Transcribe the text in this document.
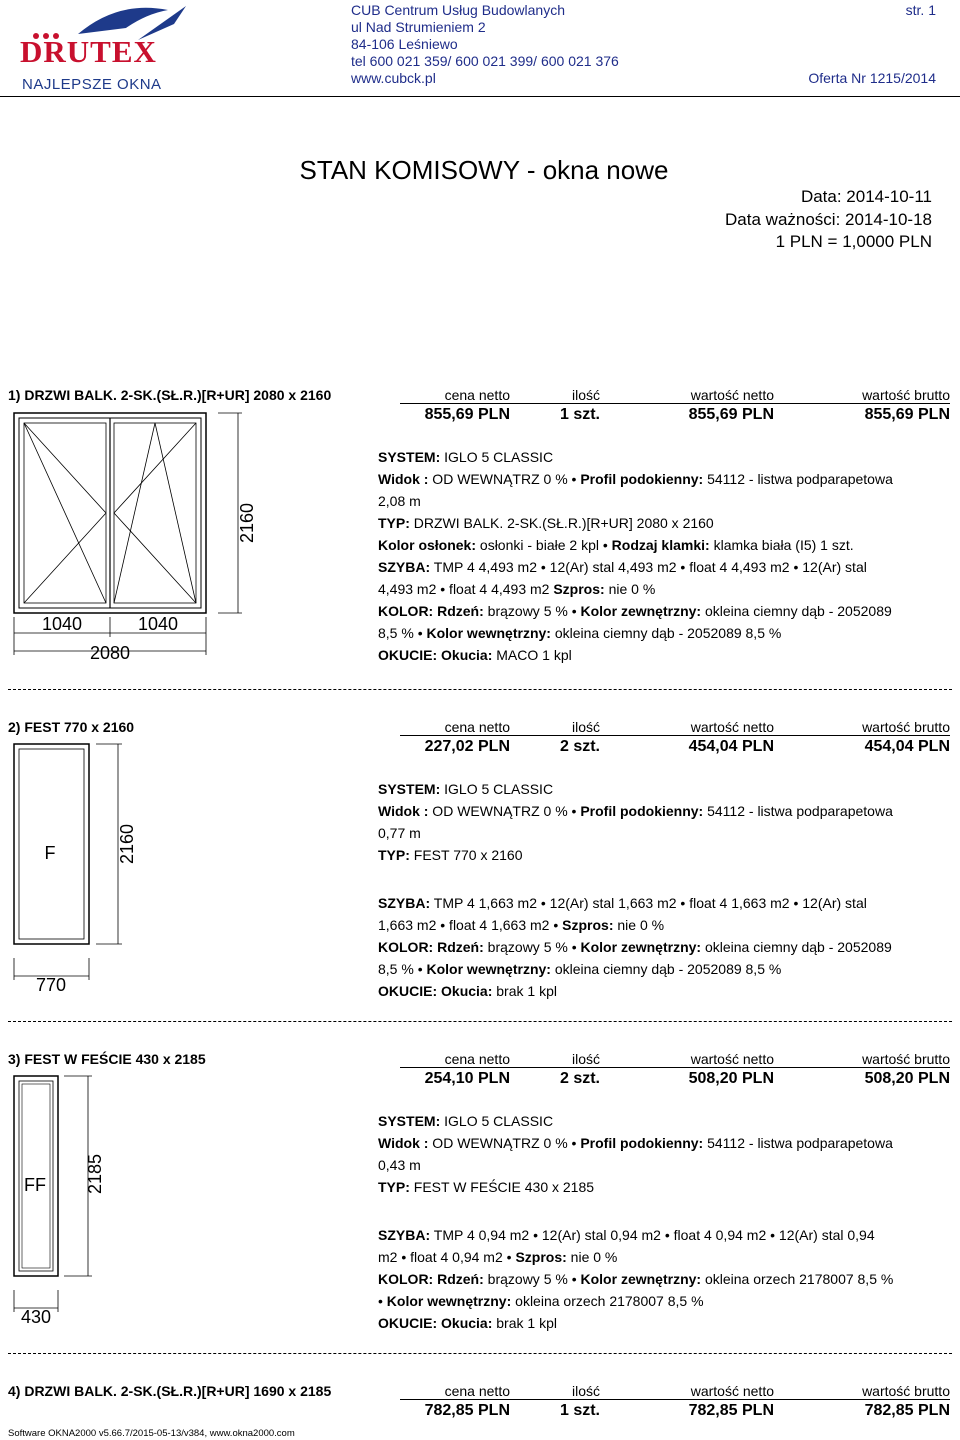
DRUTEX
NAJLEPSZE OKNA
CUB Centrum Usług Budowlanych
ul Nad Strumieniem 2
84-106 Leśniewo
tel 600 021 359/ 600 021 399/ 600 021 376
www.cubck.pl
str. 1
Oferta Nr 1215/2014
STAN KOMISOWY - okna nowe
Data: 2014-10-11
Data ważności: 2014-10-18
1 PLN = 1,0000 PLN
1) DRZWI BALK. 2-SK.(SŁ.R.)[R+UR] 2080 x 2160	cena netto	ilość	wartość netto	wartość brutto
855,69 PLN	1 szt.	855,69 PLN	855,69 PLN
2160
1040	1040
2080
SYSTEM: IGLO 5 CLASSIC
Widok : OD WEWNĄTRZ 0 % • Profil podokienny: 54112 - listwa podparapetowa
2,08 m
TYP: DRZWI BALK. 2-SK.(SŁ.R.)[R+UR] 2080 x 2160
Kolor osłonek: osłonki - białe 2 kpl • Rodzaj klamki: klamka biała (I5) 1 szt.
SZYBA: TMP 4 4,493 m2 • 12(Ar) stal 4,493 m2 • float 4 4,493 m2 • 12(Ar) stal
4,493 m2 • float 4 4,493 m2 Szpros: nie 0 %
KOLOR: Rdzeń: brązowy 5 % • Kolor zewnętrzny: okleina ciemny dąb - 2052089
8,5 % • Kolor wewnętrzny: okleina ciemny dąb - 2052089 8,5 %
OKUCIE: Okucia: MACO 1 kpl
2) FEST 770 x 2160	cena netto	ilość	wartość netto	wartość brutto
227,02 PLN	2 szt.	454,04 PLN	454,04 PLN
F	2160
770
SYSTEM: IGLO 5 CLASSIC
Widok : OD WEWNĄTRZ 0 % • Profil podokienny: 54112 - listwa podparapetowa
0,77 m
TYP: FEST 770 x 2160
SZYBA: TMP 4 1,663 m2 • 12(Ar) stal 1,663 m2 • float 4 1,663 m2 • 12(Ar) stal
1,663 m2 • float 4 1,663 m2 • Szpros: nie 0 %
KOLOR: Rdzeń: brązowy 5 % • Kolor zewnętrzny: okleina ciemny dąb - 2052089
8,5 % • Kolor wewnętrzny: okleina ciemny dąb - 2052089 8,5 %
OKUCIE: Okucia: brak 1 kpl
3) FEST W FEŚCIE 430 x 2185	cena netto	ilość	wartość netto	wartość brutto
254,10 PLN	2 szt.	508,20 PLN	508,20 PLN
FF 2185
430
SYSTEM: IGLO 5 CLASSIC
Widok : OD WEWNĄTRZ 0 % • Profil podokienny: 54112 - listwa podparapetowa
0,43 m
TYP: FEST W FEŚCIE 430 x 2185
SZYBA: TMP 4 0,94 m2 • 12(Ar) stal 0,94 m2 • float 4 0,94 m2 • 12(Ar) stal 0,94
m2 • float 4 0,94 m2 • Szpros: nie 0 %
KOLOR: Rdzeń: brązowy 5 % • Kolor zewnętrzny: okleina orzech 2178007 8,5 %
• Kolor wewnętrzny: okleina orzech 2178007 8,5 %
OKUCIE: Okucia: brak 1 kpl
4) DRZWI BALK. 2-SK.(SŁ.R.)[R+UR] 1690 x 2185	cena netto	ilość	wartość netto	wartość brutto
782,85 PLN	1 szt.	782,85 PLN	782,85 PLN
Software OKNA2000 v5.66.7/2015-05-13/v384, www.okna2000.com
